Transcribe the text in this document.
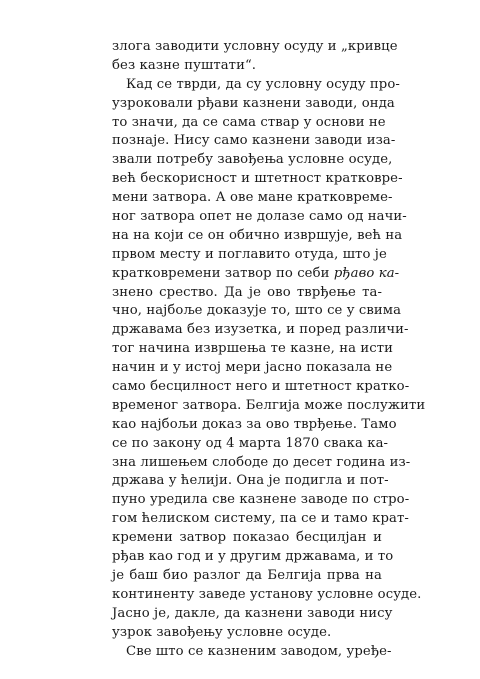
злога заводити условну осуду и „кривце
без казне пуштати“.
Кад се тврди, да су условну осуду про-
узроковали рђави казнени заводи, онда
то значи, да се сама ствар у основи не
познаје. Нису само казнени заводи изa-
звали потребу завођења условне осуде,
већ бескорисност и штетност кратковре-
мени затвора. А ове мане кратковреме-
ног затвора опет не долазе само од начи-
на на који се он обично извршује, већ на
првом месту и поглавито отуда, што је
кратковремени затвор по себи рђаво ка-
знено срество. Да је ово тврђење та-
чно, најбоље доказује то, што се у свима
државама без изузетка, и поред различи-
тог начина извршења те казне, на исти
начин и у истој мери јасно показала не
само бесцилност него и штетност кратко-
временог затвора. Белгија може послужити
као најбољи доказ за ово тврђење. Тамо
се по закону од 4 марта 1870 свака ка-
зна лишењем слободе до десет година из-
држава у ћелији. Она је подигла и пот-
пуно уредила све казнене заводе по стро-
гом ћелиском систему, па се и тамо крат-
кремени затвор показао бесцилјан и
рђав као год и у другим државама, и то
је баш био разлог да Белгија прва на
континенту заведе установу условне осуде.
Јасно је, дакле, да казнени заводи нису
узрок завођењу условне осуде.
Све што се казненим заводом, уређе-
